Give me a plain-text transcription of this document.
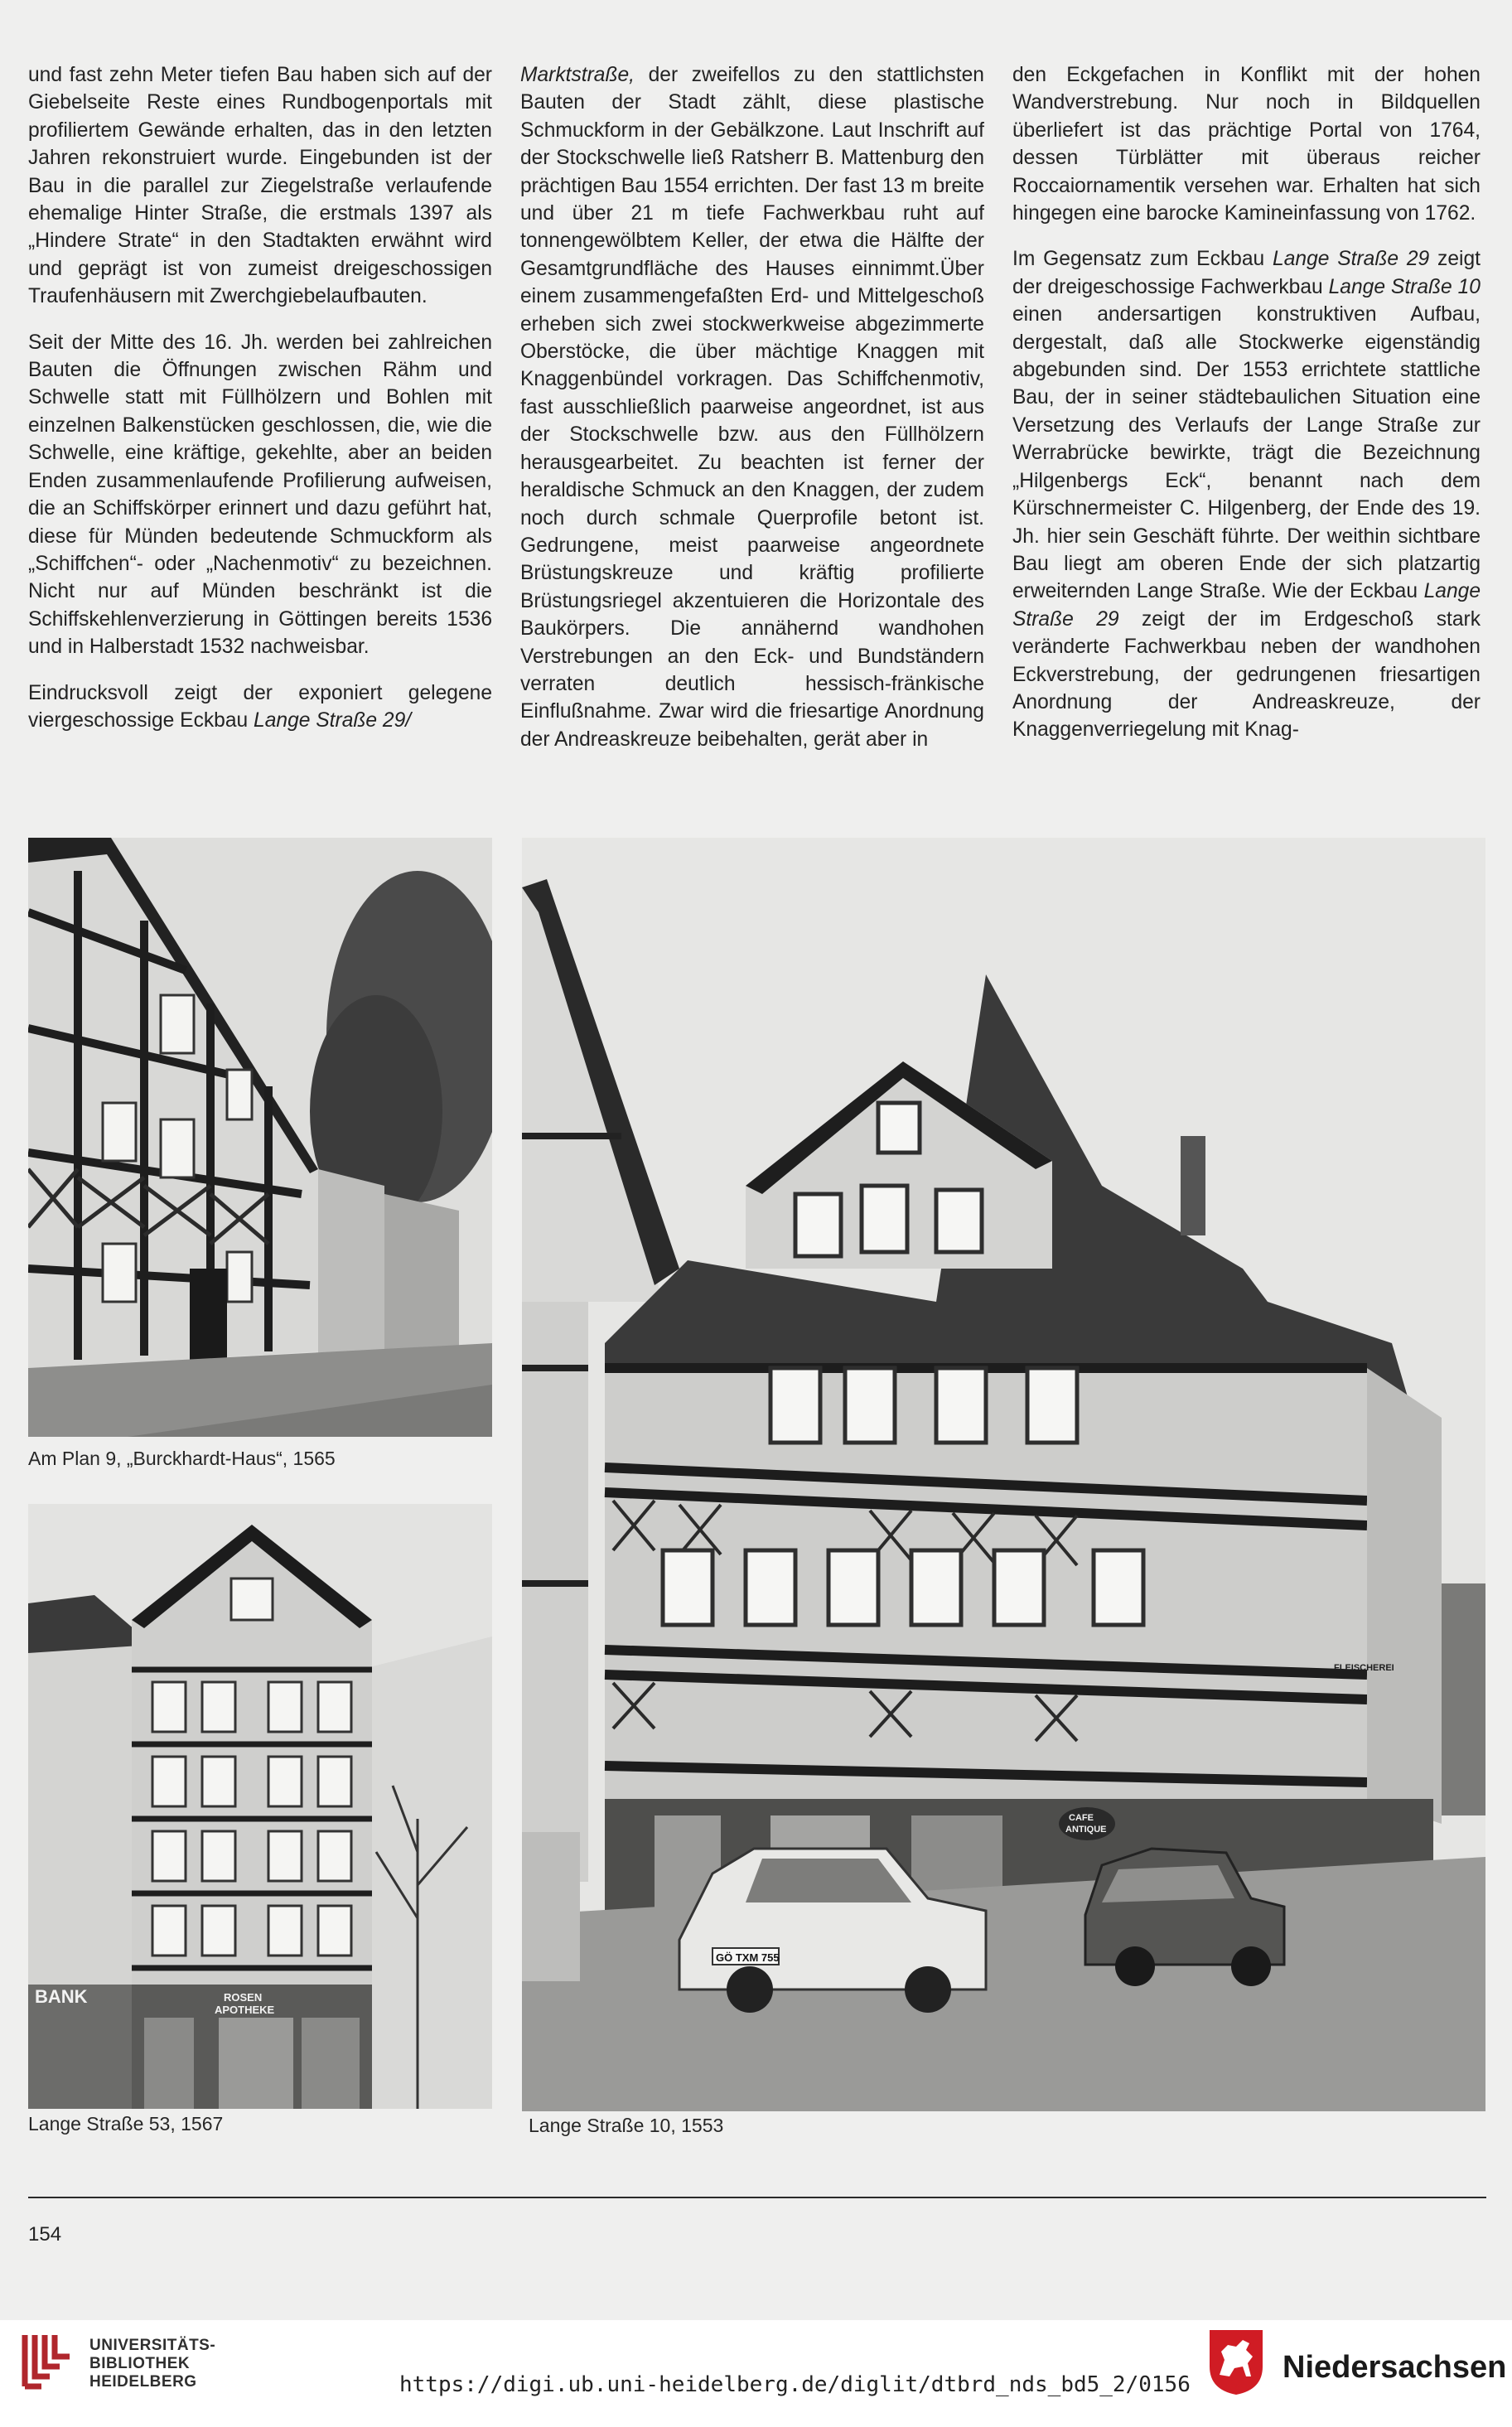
und fast zehn Meter tiefen Bau haben sich auf der Giebelseite Reste eines Rundbogenportals mit profiliertem Gewände erhalten, das in den letzten Jahren rekonstruiert wurde. Eingebunden ist der Bau in die parallel zur Ziegelstraße verlaufende ehemalige Hinter Straße, die erstmals 1397 als „Hindere Strate“ in den Stadtakten erwähnt wird und geprägt ist von zumeist dreigeschossigen Traufenhäusern mit Zwerchgiebelaufbauten.

Seit der Mitte des 16. Jh. werden bei zahlreichen Bauten die Öffnungen zwischen Rähm und Schwelle statt mit Füllhölzern und Bohlen mit einzelnen Balkenstücken geschlossen, die, wie die Schwelle, eine kräftige, gekehlte, aber an beiden Enden zusammenlaufende Profilierung aufweisen, die an Schiffskörper erinnert und dazu geführt hat, diese für Münden bedeutende Schmuckform als „Schiffchen“- oder „Nachenmotiv“ zu bezeichnen. Nicht nur auf Münden beschränkt ist die Schiffskehlenverzierung in Göttingen bereits 1536 und in Halberstadt 1532 nachweisbar.

Eindrucksvoll zeigt der exponiert gelegene viergeschossige Eckbau Lange Straße 29/

Marktstraße, der zweifellos zu den stattlichsten Bauten der Stadt zählt, diese plastische Schmuckform in der Gebälkzone. Laut Inschrift auf der Stockschwelle ließ Ratsherr B. Mattenburg den prächtigen Bau 1554 errichten. Der fast 13 m breite und über 21 m tiefe Fachwerkbau ruht auf tonnengewölbtem Keller, der etwa die Hälfte der Gesamtgrundfläche des Hauses einnimmt.Über einem zusammengefaßten Erd- und Mittelgeschoß erheben sich zwei stockwerkweise abgezimmerte Oberstöcke, die über mächtige Knaggen mit Knaggenbündel vorkragen. Das Schiffchenmotiv, fast ausschließlich paarweise angeordnet, ist aus der Stockschwelle bzw. aus den Füllhölzern herausgearbeitet. Zu beachten ist ferner der heraldische Schmuck an den Knaggen, der zudem noch durch schmale Querprofile betont ist. Gedrungene, meist paarweise angeordnete Brüstungskreuze und kräftig profilierte Brüstungsriegel akzentuieren die Horizontale des Baukörpers. Die annähernd wandhohen Verstrebungen an den Eck- und Bundständern verraten deutlich hessisch-fränkische Einflußnahme. Zwar wird die friesartige Anordnung der Andreaskreuze beibehalten, gerät aber in

den Eckgefachen in Konflikt mit der hohen Wandverstrebung. Nur noch in Bildquellen überliefert ist das prächtige Portal von 1764, dessen Türblätter mit überaus reicher Roccaiornamentik versehen war. Erhalten hat sich hingegen eine barocke Kamineinfassung von 1762.

Im Gegensatz zum Eckbau Lange Straße 29 zeigt der dreigeschossige Fachwerkbau Lange Straße 10 einen andersartigen konstruktiven Aufbau, dergestalt, daß alle Stockwerke eigenständig abgebunden sind. Der 1553 errichtete stattliche Bau, der in seiner städtebaulichen Situation eine Versetzung des Verlaufs der Lange Straße zur Werrabrücke bewirkte, trägt die Bezeichnung „Hilgenbergs Eck“, benannt nach dem Kürschnermeister C. Hilgenberg, der Ende des 19. Jh. hier sein Geschäft führte. Der weithin sichtbare Bau liegt am oberen Ende der sich platzartig erweiternden Lange Straße. Wie der Eckbau Lange Straße 29 zeigt der im Erdgeschoß stark veränderte Fachwerkbau neben der wandhohen Eckverstrebung, der gedrungenen friesartigen Anordnung der Andreaskreuze, der Knaggenverriegelung mit Knag-

Am Plan 9, „Burckhardt-Haus“, 1565
BANK	ROSEN
APOTHEKE
Lange Straße 53, 1567
CAFE
ANTIQUE
FLEISCHEREI
GÖ TXM 755
Lange Straße 10, 1553
154
UNIVERSITÄTS-
BIBLIOTHEK
HEIDELBERG	https://digi.ub.uni-heidelberg.de/diglit/dtbrd_nds_bd5_2/0156	Niedersachsen
